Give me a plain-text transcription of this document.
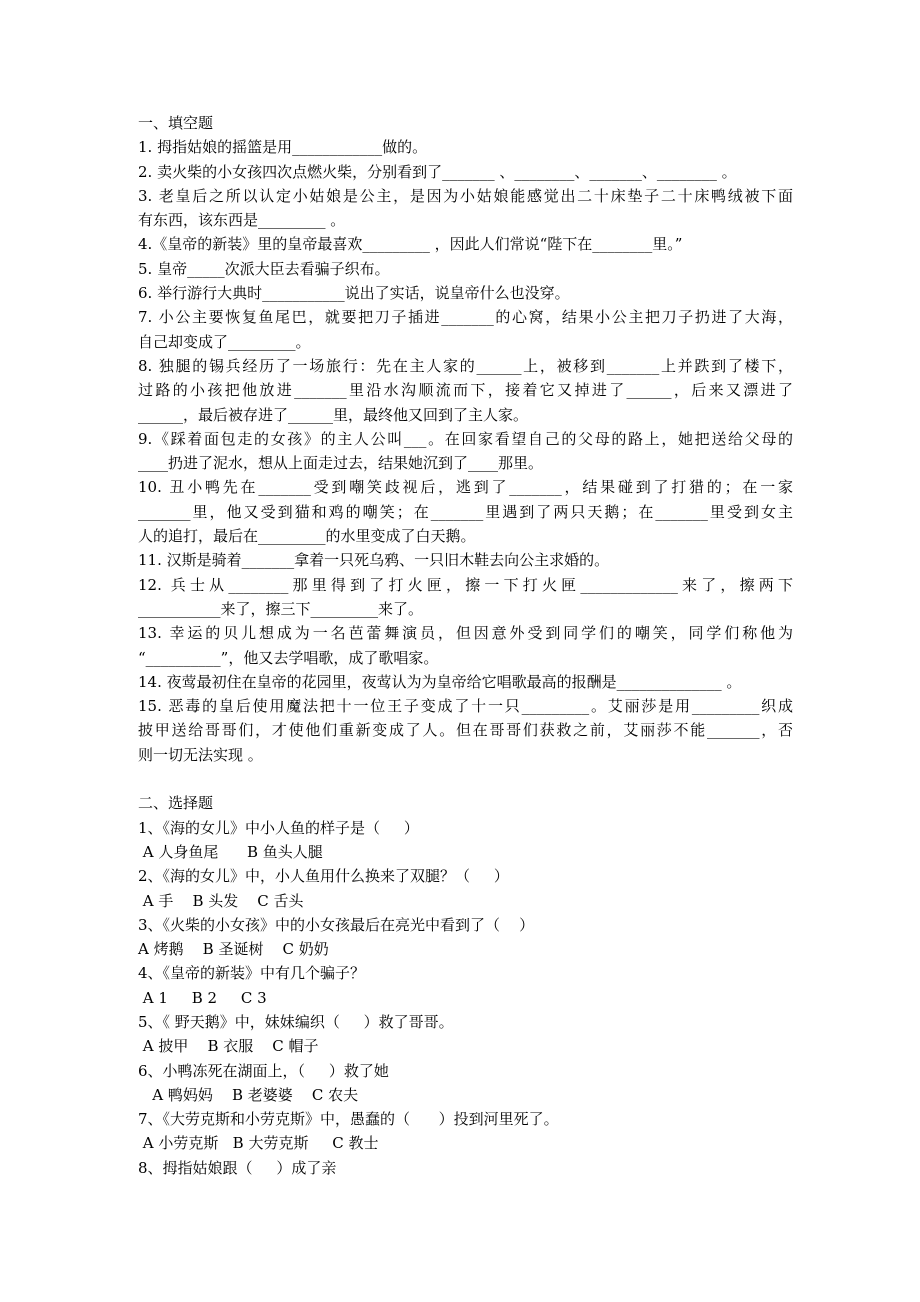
一、填空题
1. 拇指姑娘的摇篮是用____________做的。
2. 卖火柴的小女孩四次点燃火柴，分别看到了_______ 、________、_______、________ 。
3. 老皇后之所以认定小姑娘是公主，是因为小姑娘能感觉出二十床垫子二十床鸭绒被下面
有东西，该东西是_________ 。
4.《皇帝的新装》里的皇帝最喜欢_________ ，因此人们常说“陛下在________里。”
5. 皇帝_____次派大臣去看骗子织布。
6. 举行游行大典时___________说出了实话，说皇帝什么也没穿。
7. 小公主要恢复鱼尾巴，就要把刀子插进_______的心窝，结果小公主把刀子扔进了大海，
自己却变成了_________。
8. 独腿的锡兵经历了一场旅行：先在主人家的______上，被移到_______上并跌到了楼下，
过路的小孩把他放进_______里沿水沟顺流而下，接着它又掉进了______，后来又漂进了
______，最后被存进了______里，最终他又回到了主人家。
9.《踩着面包走的女孩》的主人公叫___。在回家看望自己的父母的路上，她把送给父母的
____扔进了泥水，想从上面走过去，结果她沉到了____那里。
10. 丑小鸭先在_______受到嘲笑歧视后，逃到了_______，结果碰到了打猎的；在一家
_______里，他又受到猫和鸡的嘲笑；在_______里遇到了两只天鹅；在_______里受到女主
人的追打，最后在_________的水里变成了白天鹅。
11. 汉斯是骑着_______拿着一只死乌鸦、一只旧木鞋去向公主求婚的。
12. 兵士从________那里得到了打火匣，擦一下打火匣_____________来了，擦两下
___________来了，擦三下_________来了。
13. 幸运的贝儿想成为一名芭蕾舞演员，但因意外受到同学们的嘲笑，同学们称他为
“__________”，他又去学唱歌，成了歌唱家。
14. 夜莺最初住在皇帝的花园里，夜莺认为为皇帝给它唱歌最高的报酬是______________ 。
15. 恶毒的皇后使用魔法把十一位王子变成了十一只_________。艾丽莎是用_________织成
披甲送给哥哥们，才使他们重新变成了人。但在哥哥们获救之前，艾丽莎不能_______，否
则一切无法实现 。
二、选择题
1、《海的女儿》中小人鱼的样子是（     ）
A 人身鱼尾      B 鱼头人腿
2、《海的女儿》中，小人鱼用什么换来了双腿？（     ）
A 手    B 头发    C 舌头
3、《火柴的小女孩》中的小女孩最后在亮光中看到了（    ）
A 烤鹅    B 圣诞树    C 奶奶
4、《皇帝的新装》中有几个骗子？
A 1     B 2     C 3
5、《 野天鹅》中，妹妹编织（     ）救了哥哥。
A 披甲    B 衣服    C 帽子
6、小鸭冻死在湖面上，（     ）救了她
A 鸭妈妈    B 老婆婆    C 农夫
7、《大劳克斯和小劳克斯》中，愚蠢的（      ）投到河里死了。
A 小劳克斯   B 大劳克斯     C 教士
8、拇指姑娘跟（     ）成了亲
